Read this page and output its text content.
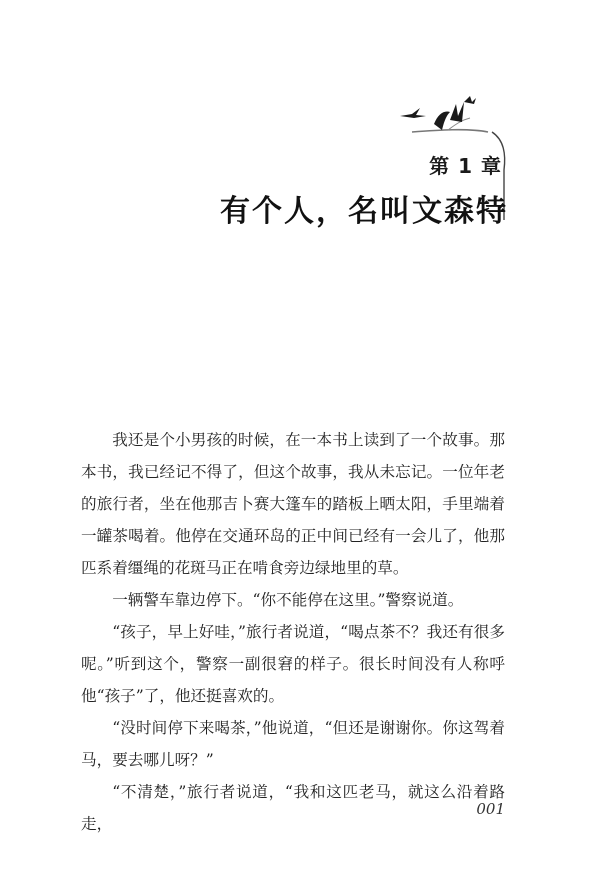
第 1 章
有个人，名叫文森特

我还是个小男孩的时候，在一本书上读到了一个故事。那本书，我已经记不得了，但这个故事，我从未忘记。一位年老的旅行者，坐在他那吉卜赛大篷车的踏板上晒太阳，手里端着一罐茶喝着。他停在交通环岛的正中间已经有一会儿了，他那匹系着缰绳的花斑马正在啃食旁边绿地里的草。

一辆警车靠边停下。“你不能停在这里。”警察说道。

“孩子，早上好哇，”旅行者说道，“喝点茶不？我还有很多呢。”听到这个，警察一副很窘的样子。很长时间没有人称呼他“孩子”了，他还挺喜欢的。

“没时间停下来喝茶，”他说道，“但还是谢谢你。你这驾着马，要去哪儿呀？”

“不清楚，”旅行者说道，“我和这匹老马，就这么沿着路走，

001
